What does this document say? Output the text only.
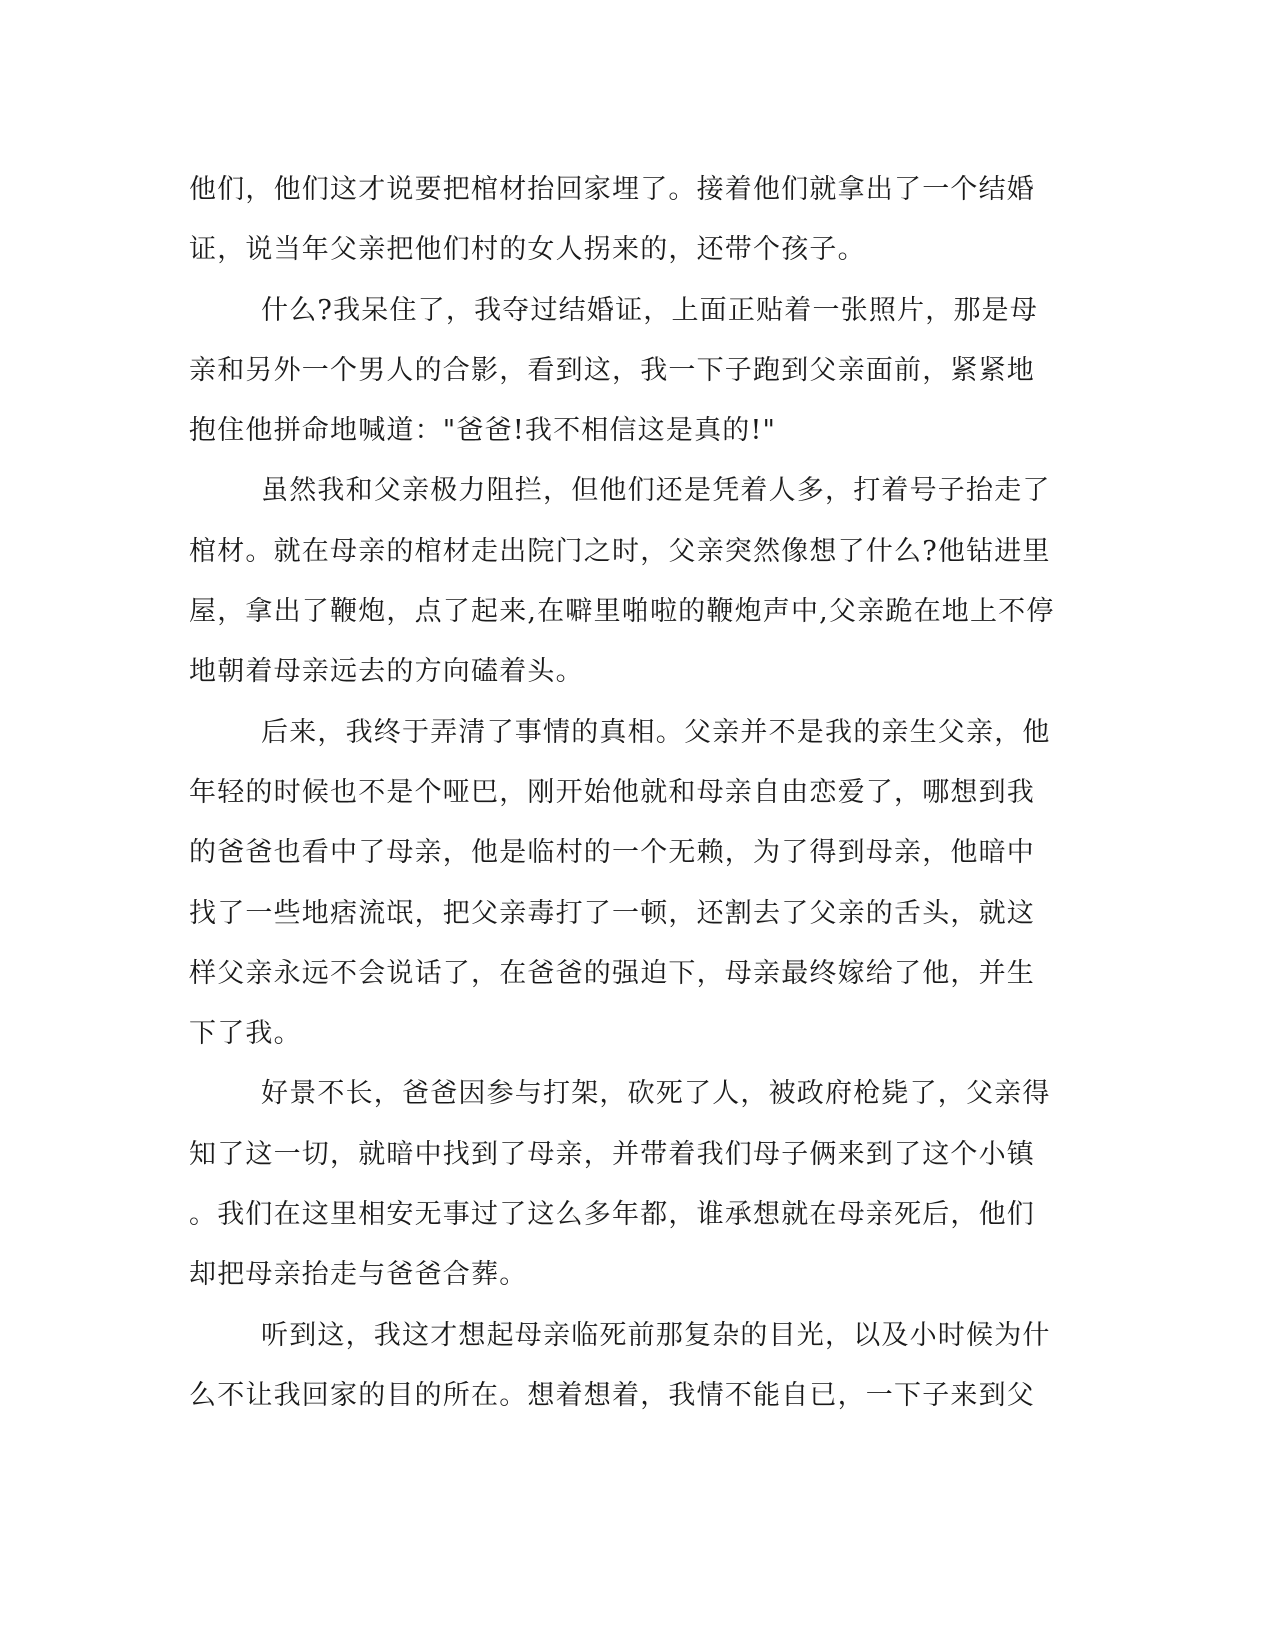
他们，他们这才说要把棺材抬回家埋了。接着他们就拿出了一个结婚
证，说当年父亲把他们村的女人拐来的，还带个孩子。
什么?我呆住了，我夺过结婚证，上面正贴着一张照片，那是母
亲和另外一个男人的合影，看到这，我一下子跑到父亲面前，紧紧地
抱住他拼命地喊道："爸爸!我不相信这是真的!"
虽然我和父亲极力阻拦，但他们还是凭着人多，打着号子抬走了
棺材。就在母亲的棺材走出院门之时，父亲突然像想了什么?他钻进里
屋，拿出了鞭炮，点了起来,在噼里啪啦的鞭炮声中,父亲跪在地上不停
地朝着母亲远去的方向磕着头。
后来，我终于弄清了事情的真相。父亲并不是我的亲生父亲，他
年轻的时候也不是个哑巴，刚开始他就和母亲自由恋爱了，哪想到我
的爸爸也看中了母亲，他是临村的一个无赖，为了得到母亲，他暗中
找了一些地痞流氓，把父亲毒打了一顿，还割去了父亲的舌头，就这
样父亲永远不会说话了，在爸爸的强迫下，母亲最终嫁给了他，并生
下了我。
好景不长，爸爸因参与打架，砍死了人，被政府枪毙了，父亲得
知了这一切，就暗中找到了母亲，并带着我们母子俩来到了这个小镇
。我们在这里相安无事过了这么多年都，谁承想就在母亲死后，他们
却把母亲抬走与爸爸合葬。
听到这，我这才想起母亲临死前那复杂的目光，以及小时候为什
么不让我回家的目的所在。想着想着，我情不能自已，一下子来到父
